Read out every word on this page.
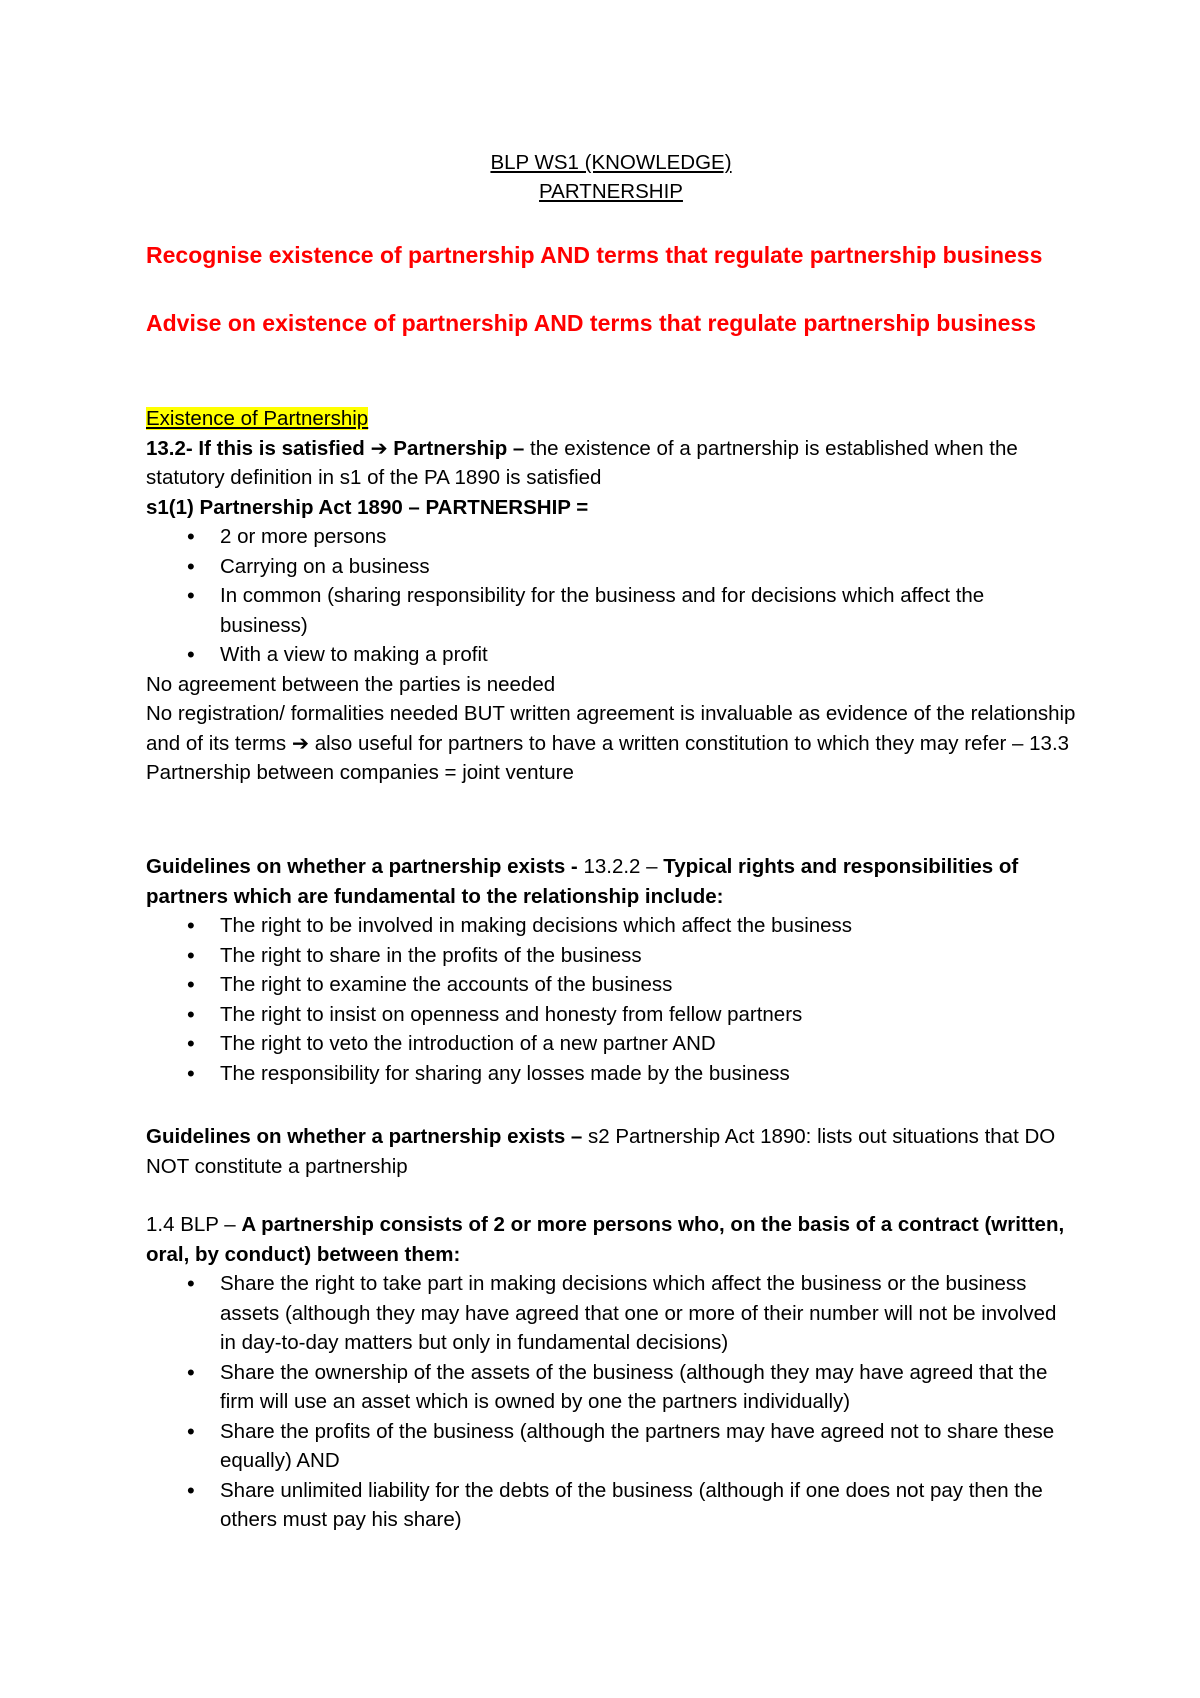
BLP WS1 (KNOWLEDGE)
PARTNERSHIP
Recognise existence of partnership AND terms that regulate partnership business
Advise on existence of partnership AND terms that regulate partnership business
Existence of Partnership
13.2- If this is satisfied ➔ Partnership – the existence of a partnership is established when the statutory definition in s1 of the PA 1890 is satisfied
s1(1) Partnership Act 1890 – PARTNERSHIP =
• 2 or more persons
• Carrying on a business
• In common (sharing responsibility for the business and for decisions which affect the business)
• With a view to making a profit
No agreement between the parties is needed
No registration/ formalities needed BUT written agreement is invaluable as evidence of the relationship and of its terms ➔ also useful for partners to have a written constitution to which they may refer – 13.3
Partnership between companies = joint venture
Guidelines on whether a partnership exists - 13.2.2 – Typical rights and responsibilities of partners which are fundamental to the relationship include:
• The right to be involved in making decisions which affect the business
• The right to share in the profits of the business
• The right to examine the accounts of the business
• The right to insist on openness and honesty from fellow partners
• The right to veto the introduction of a new partner AND
• The responsibility for sharing any losses made by the business
Guidelines on whether a partnership exists – s2 Partnership Act 1890: lists out situations that DO NOT constitute a partnership
1.4 BLP – A partnership consists of 2 or more persons who, on the basis of a contract (written, oral, by conduct) between them:
• Share the right to take part in making decisions which affect the business or the business assets (although they may have agreed that one or more of their number will not be involved in day-to-day matters but only in fundamental decisions)
• Share the ownership of the assets of the business (although they may have agreed that the firm will use an asset which is owned by one the partners individually)
• Share the profits of the business (although the partners may have agreed not to share these equally) AND
• Share unlimited liability for the debts of the business (although if one does not pay then the others must pay his share)
